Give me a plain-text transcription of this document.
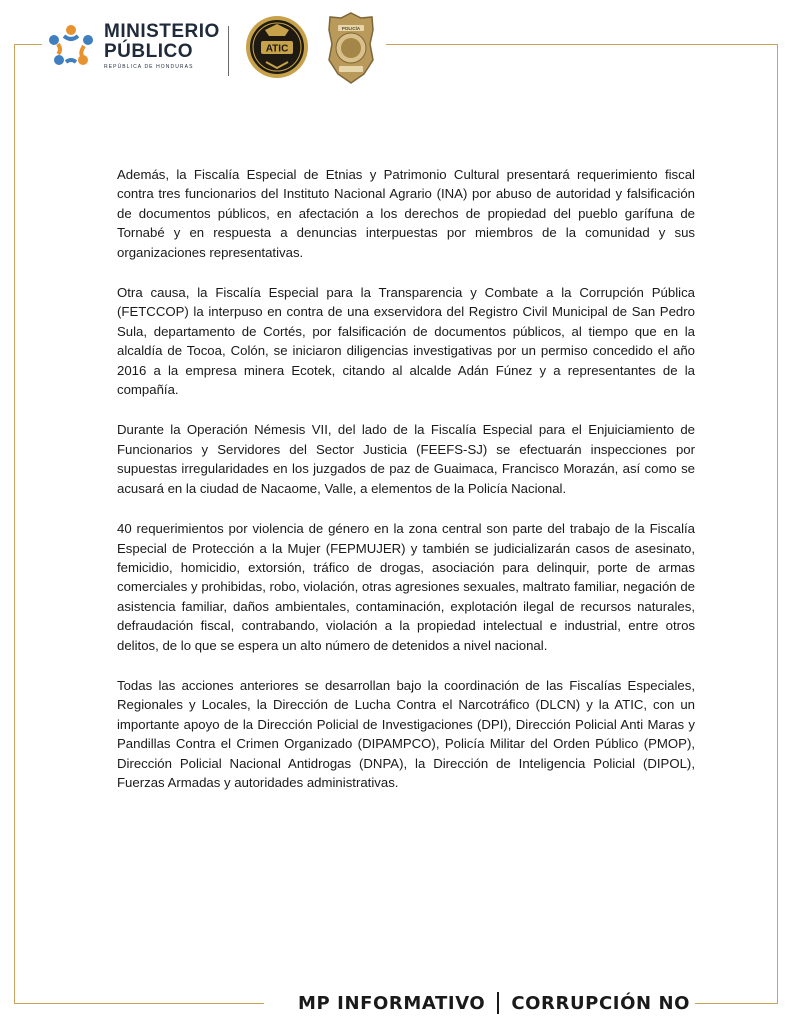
MINISTERIO
PÚBLICO
REPÚBLICA DE HONDURAS
ATIC
POLICÍA

Además, la Fiscalía Especial de Etnias y Patrimonio Cultural presentará requerimiento fiscal contra tres funcionarios del Instituto Nacional Agrario (INA) por abuso de autoridad y falsificación de documentos públicos, en afectación a los derechos de propiedad del pueblo garífuna de Tornabé y en respuesta a denuncias interpuestas por miembros de la comunidad y sus organizaciones representativas.

Otra causa, la Fiscalía Especial para la Transparencia y Combate a la Corrupción Pública (FETCCOP) la interpuso en contra de una exservidora del Registro Civil Municipal de San Pedro Sula, departamento de Cortés, por falsificación de documentos públicos, al tiempo que en la alcaldía de Tocoa, Colón, se iniciaron diligencias investigativas por un permiso concedido el año 2016 a la empresa minera Ecotek, citando al alcalde Adán Fúnez y a representantes de la compañía.

Durante la Operación Némesis VII, del lado de la Fiscalía Especial para el Enjuiciamiento de Funcionarios y Servidores del Sector Justicia (FEEFS-SJ) se efectuarán inspecciones por supuestas irregularidades en los juzgados de paz de Guaimaca, Francisco Morazán, así como se acusará en la ciudad de Nacaome, Valle, a elementos de la Policía Nacional.

40 requerimientos por violencia de género en la zona central son parte del trabajo de la Fiscalía Especial de Protección a la Mujer (FEPMUJER) y también se judicializarán casos de asesinato, femicidio, homicidio, extorsión, tráfico de drogas, asociación para delinquir, porte de armas comerciales y prohibidas, robo, violación, otras agresiones sexuales, maltrato familiar, negación de asistencia familiar, daños ambientales, contaminación, explotación ilegal de recursos naturales, defraudación fiscal, contrabando, violación a la propiedad intelectual e industrial, entre otros delitos, de lo que se espera un alto número de detenidos a nivel nacional.

Todas las acciones anteriores se desarrollan bajo la coordinación de las Fiscalías Especiales, Regionales y Locales, la Dirección de Lucha Contra el Narcotráfico (DLCN) y la ATIC, con un importante apoyo de la Dirección Policial de Investigaciones (DPI), Dirección Policial Anti Maras y Pandillas Contra el Crimen Organizado (DIPAMPCO), Policía Militar del Orden Público (PMOP), Dirección Policial Nacional Antidrogas (DNPA), la Dirección de Inteligencia Policial (DIPOL), Fuerzas Armadas y autoridades administrativas.

MP INFORMATIVO CORRUPCIÓN NO
